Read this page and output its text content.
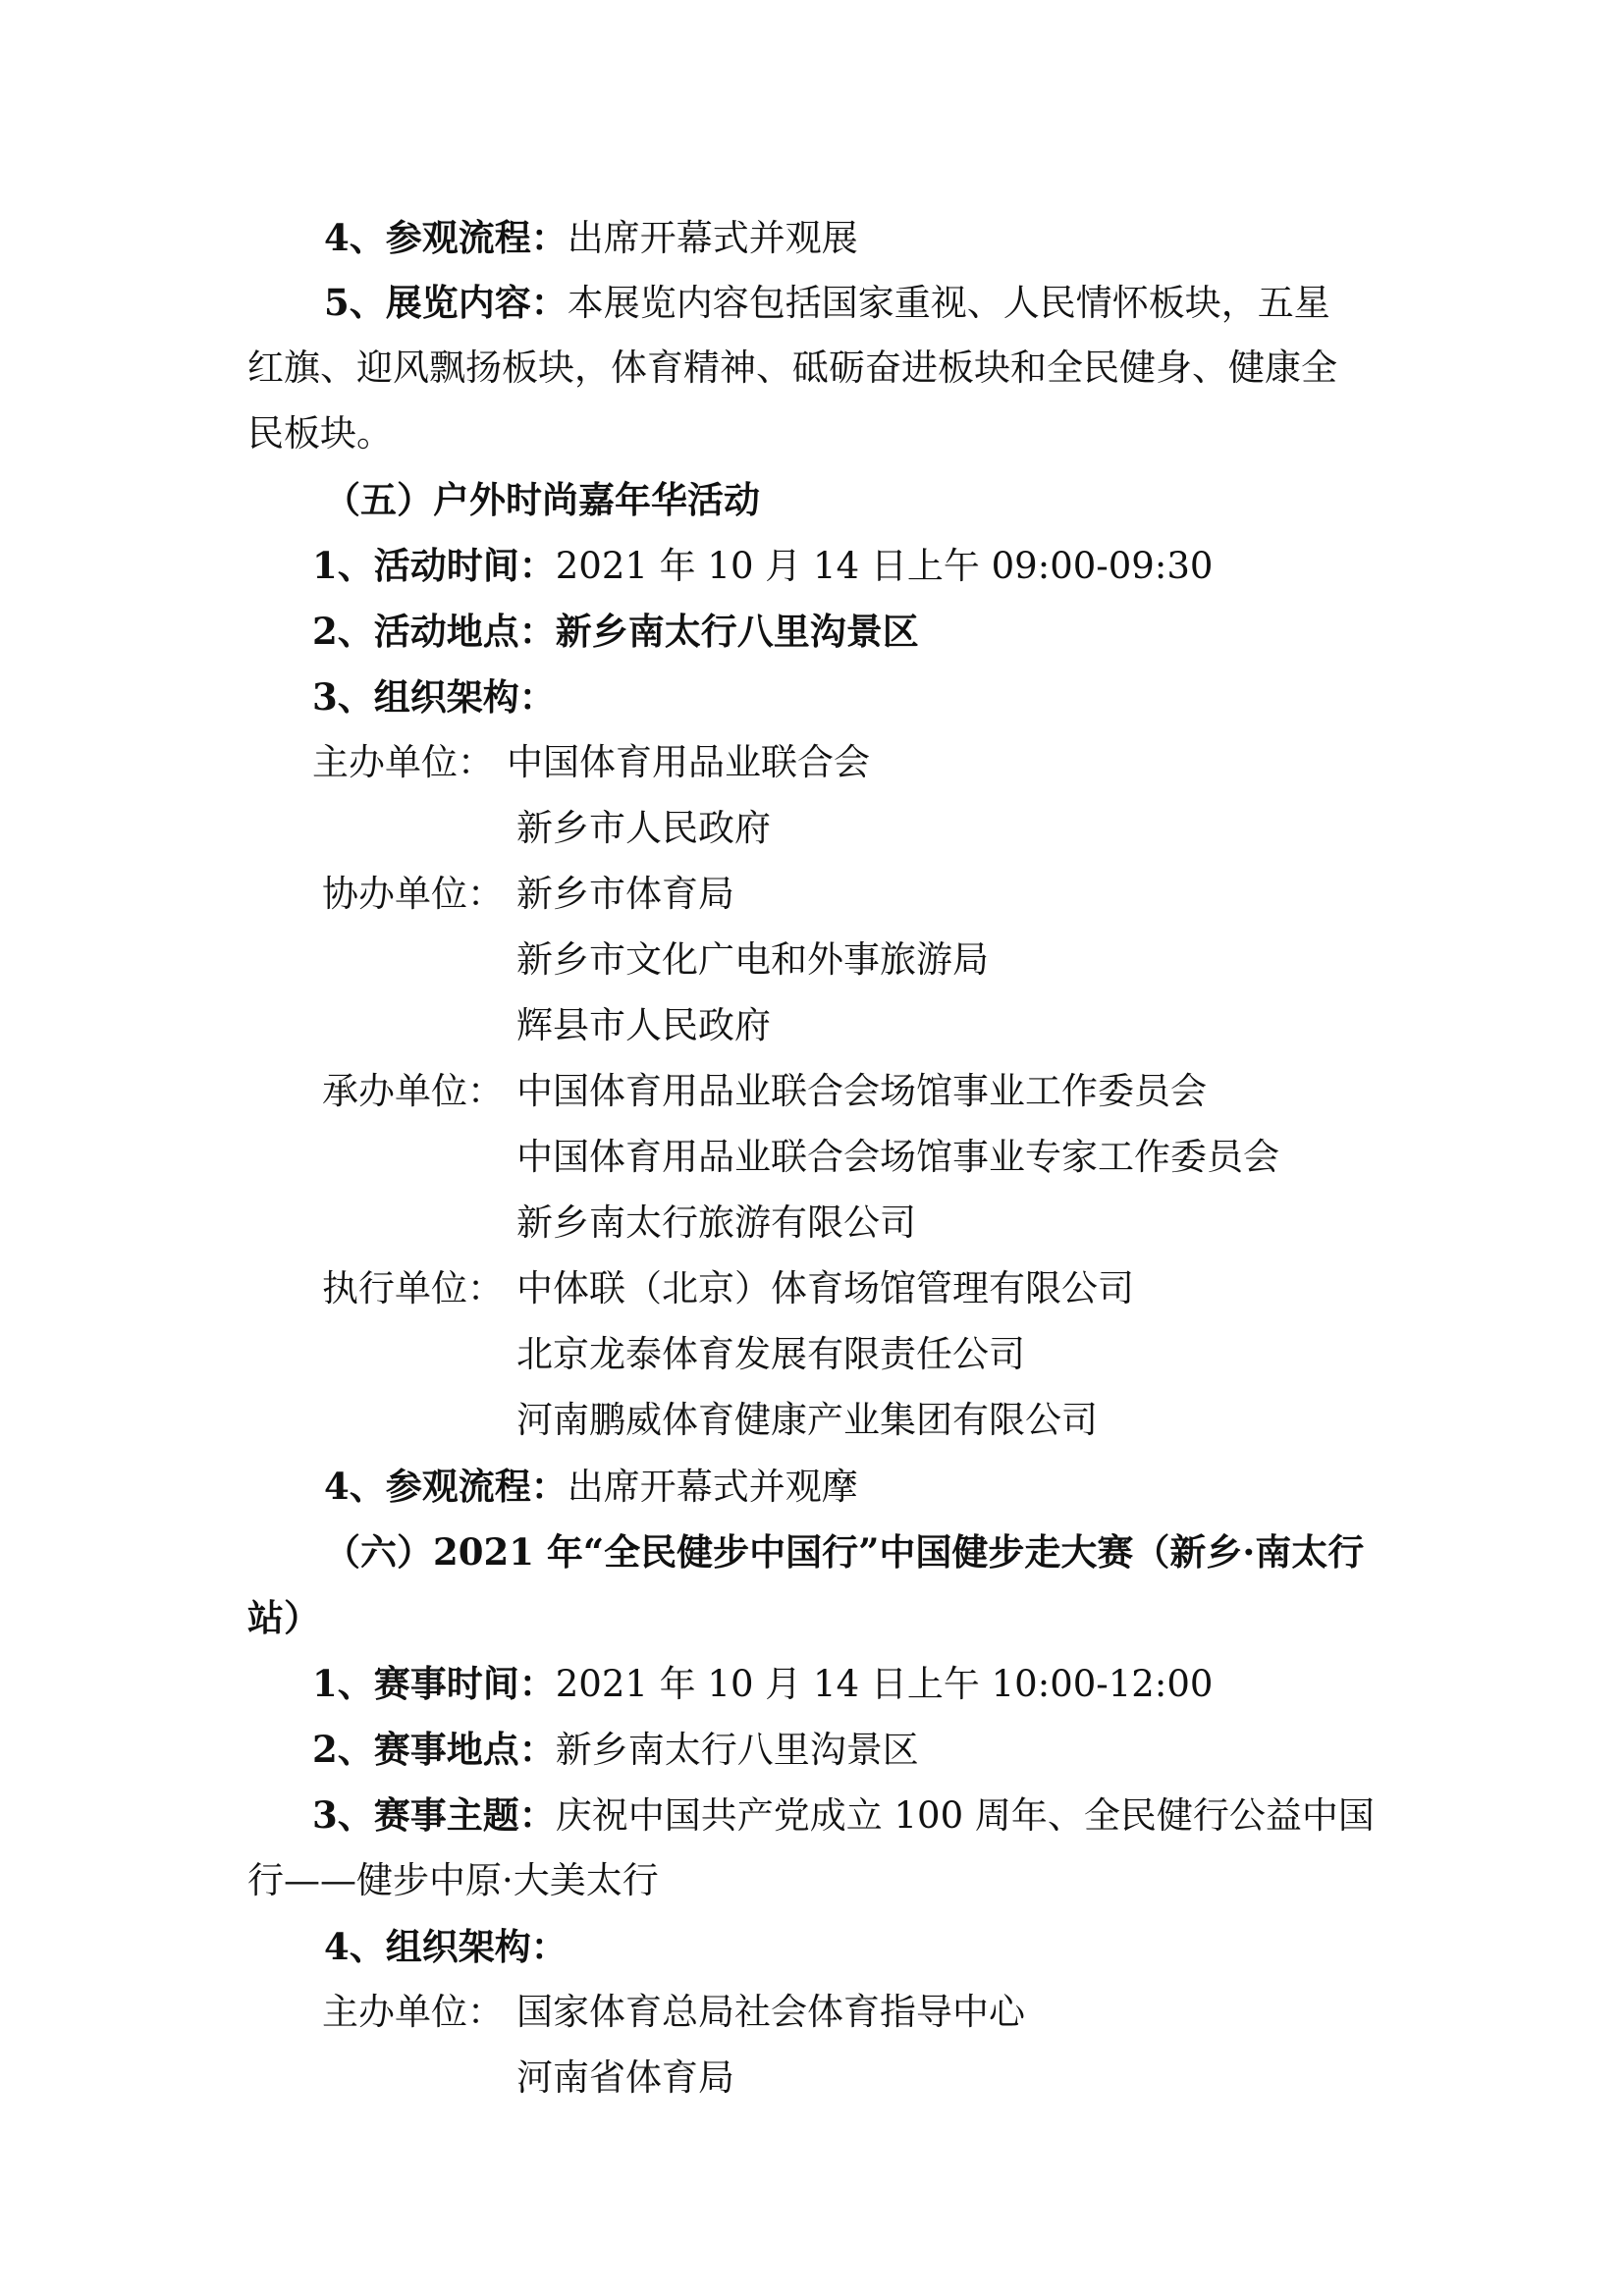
4、参观流程：出席开幕式并观展

5、展览内容：本展览内容包括国家重视、人民情怀板块，五星

红旗、迎风飘扬板块，体育精神、砥砺奋进板块和全民健身、健康全

民板块。

（五）户外时尚嘉年华活动

1、活动时间：2021 年 10 月 14 日上午 09:00-09:30

2、活动地点：新乡南太行八里沟景区

3、组织架构：

主办单位： 中国体育用品业联合会

新乡市人民政府

协办单位： 新乡市体育局

新乡市文化广电和外事旅游局

辉县市人民政府

承办单位： 中国体育用品业联合会场馆事业工作委员会

中国体育用品业联合会场馆事业专家工作委员会

新乡南太行旅游有限公司

执行单位： 中体联（北京）体育场馆管理有限公司

北京龙泰体育发展有限责任公司

河南鹏威体育健康产业集团有限公司

4、参观流程：出席开幕式并观摩

（六）2021 年“全民健步中国行”中国健步走大赛（新乡·南太行

站）

1、赛事时间：2021 年 10 月 14 日上午 10:00-12:00

2、赛事地点：新乡南太行八里沟景区

3、赛事主题：庆祝中国共产党成立 100 周年、全民健行公益中国

行——健步中原·大美太行

4、组织架构：

主办单位： 国家体育总局社会体育指导中心

河南省体育局
